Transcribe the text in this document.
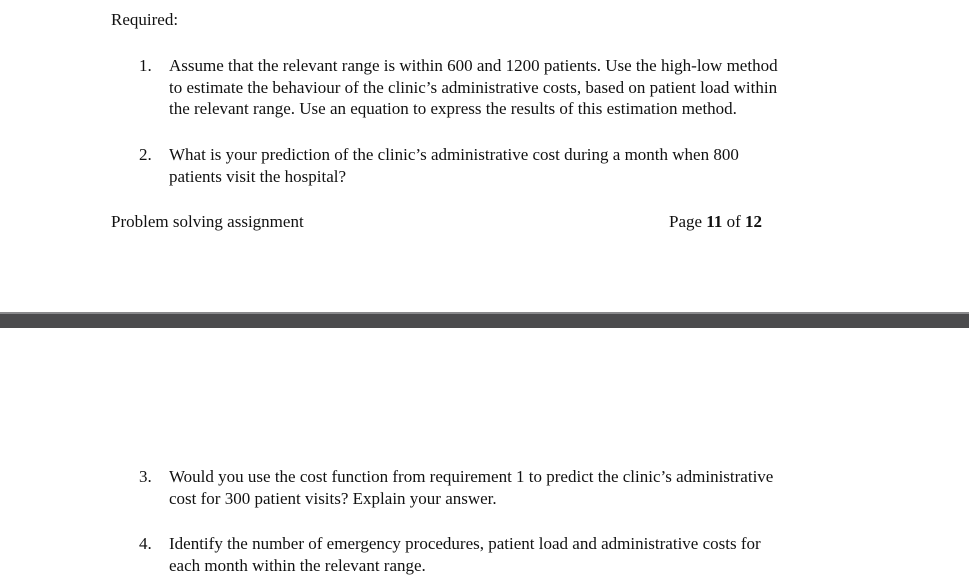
Required:
1. Assume that the relevant range is within 600 and 1200 patients. Use the high-low method
to estimate the behaviour of the clinic’s administrative costs, based on patient load within
the relevant range. Use an equation to express the results of this estimation method.
2. What is your prediction of the clinic’s administrative cost during a month when 800
patients visit the hospital?
Problem solving assignment	Page 11 of 12
3. Would you use the cost function from requirement 1 to predict the clinic’s administrative
cost for 300 patient visits? Explain your answer.
4. Identify the number of emergency procedures, patient load and administrative costs for
each month within the relevant range.
